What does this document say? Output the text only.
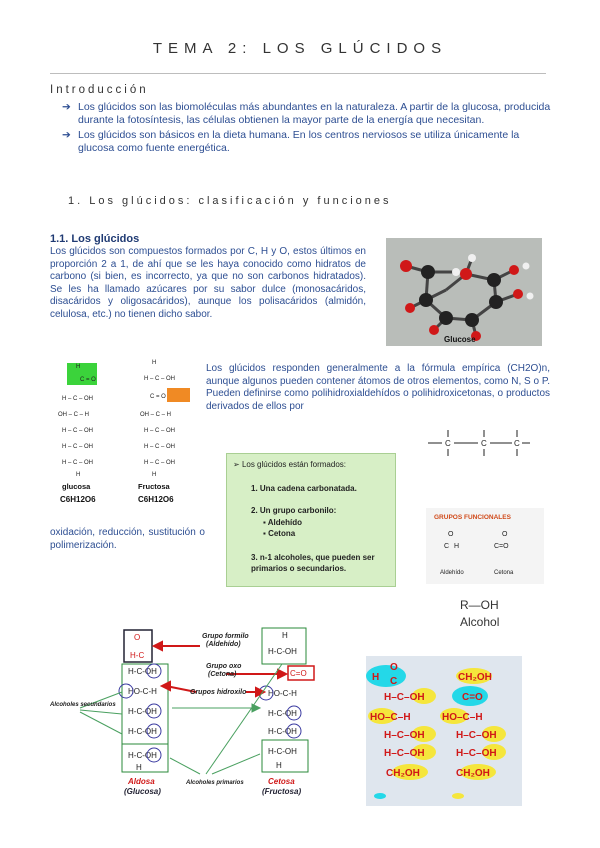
TEMA 2: LOS GLÚCIDOS
Introducción
➔ Los glúcidos son las biomoléculas más abundantes en la naturaleza. A partir de la glucosa, producida durante la fotosíntesis, las células obtienen la mayor parte de la energía que necesitan.
➔ Los glúcidos son básicos en la dieta humana. En los centros nerviosos se utiliza únicamente la glucosa como fuente energética.
1. Los glúcidos: clasificación y funciones
1.1. Los glúcidos
Los glúcidos son compuestos formados por C, H y O, estos últimos en proporción 2 a 1, de ahí que se les haya conocido como hidratos de carbono (si bien, es incorrecto, ya que no son carbonos hidratados). Se les ha llamado azúcares por su sabor dulce (monosacáridos, disacáridos y oligosacáridos), aunque los polisacáridos (almidón, celulosa, etc.) no tienen dicho sabor.
Glucose
H
C = O
H – C – OH
OH – C – H
H – C – OH
H – C – OH
H – C – OH
H
H
H – C – OH
C = O
OH – C – H
H – C – OH
H – C – OH
H – C – OH
H
glucosa
C6H12O6
Fructosa
C6H12O6
Los glúcidos responden generalmente a la fórmula empírica (CH2O)n, aunque algunos pueden contener átomos de otros elementos, como N, S o P. Pueden definirse como polihidroxialdehídos o polihidroxicetonas, o productos derivados de ellos por
oxidación, reducción, sustitución o polimerización.
➢ Los glúcidos están formados:
1. Una cadena carbonatada.
2. Un grupo carbonilo:
▪ Aldehído
▪ Cetona
3. n-1 alcoholes, que pueden ser primarios o secundarios.
C	C	C
GRUPOS FUNCIONALES
O
C H
O
C=O
Aldehído	Cetona
R—OH
Alcohol
O
H-C
H-C-OH
HO-C-H
H-C-OH
H-C-OH
H-C-OH
H
H
H-C-OH
C=O
HO-C-H
H-C-OH
H-C-OH
H-C-OH
H
Grupo formilo
(Aldehído)
Grupo oxo
(Cetona)
Grupos hidroxilo
Alcoholes secundarios
Alcoholes primarios
Aldosa
(Glucosa)
Cetosa
(Fructosa)
H
O
C
H–C–OH
HO–C–H
H–C–OH
H–C–OH
CH₂OH
CH₂OH
C=O
HO–C–H
H–C–OH
H–C–OH
CH₂OH
